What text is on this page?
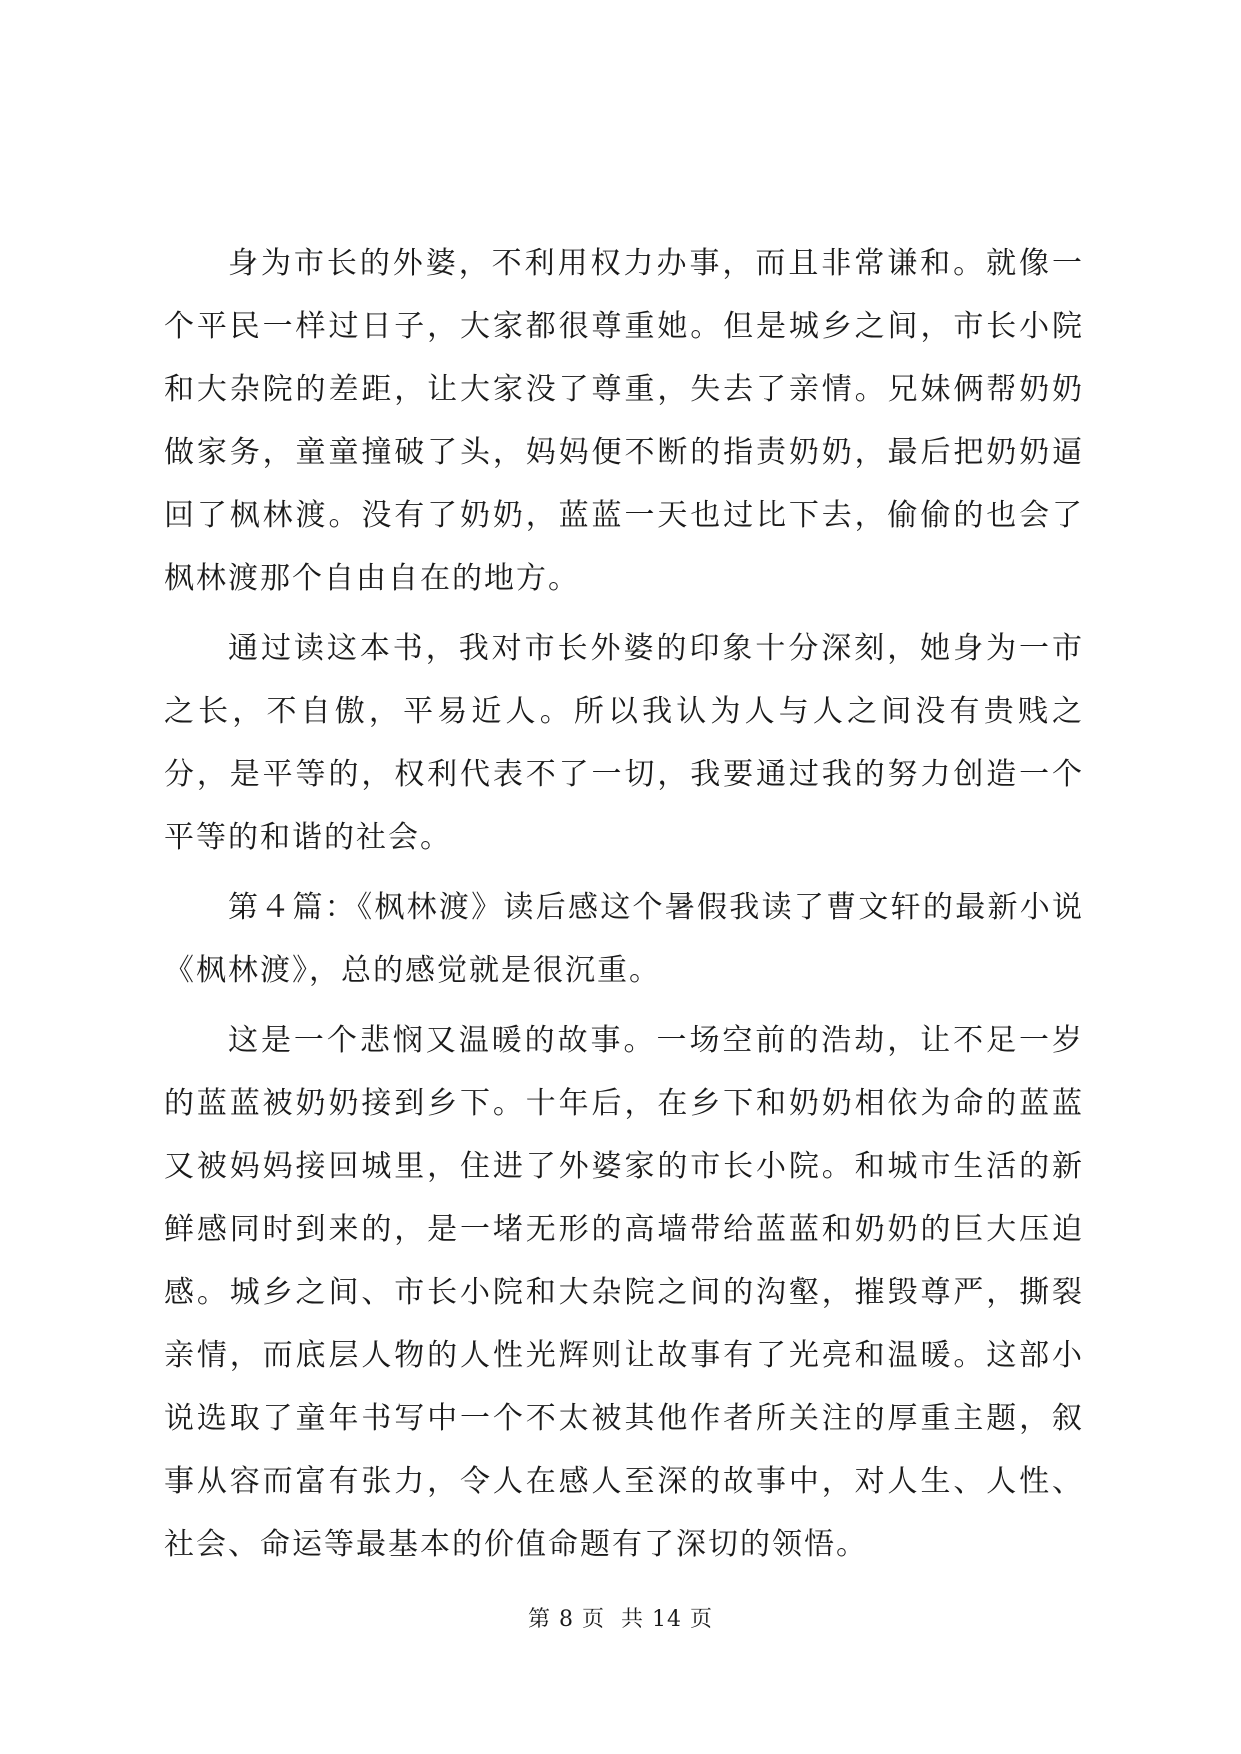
身为市长的外婆，不利用权力办事，而且非常谦和。就像一个平民一样过日子，大家都很尊重她。但是城乡之间，市长小院和大杂院的差距，让大家没了尊重，失去了亲情。兄妹俩帮奶奶做家务，童童撞破了头，妈妈便不断的指责奶奶，最后把奶奶逼回了枫林渡。没有了奶奶，蓝蓝一天也过比下去，偷偷的也会了枫林渡那个自由自在的地方。

通过读这本书，我对市长外婆的印象十分深刻，她身为一市之长，不自傲，平易近人。所以我认为人与人之间没有贵贱之分，是平等的，权利代表不了一切，我要通过我的努力创造一个平等的和谐的社会。

第４篇：《枫林渡》读后感这个暑假我读了曹文轩的最新小说《枫林渡》，总的感觉就是很沉重。

这是一个悲悯又温暖的故事。一场空前的浩劫，让不足一岁的蓝蓝被奶奶接到乡下。十年后，在乡下和奶奶相依为命的蓝蓝又被妈妈接回城里，住进了外婆家的市长小院。和城市生活的新鲜感同时到来的，是一堵无形的高墙带给蓝蓝和奶奶的巨大压迫感。城乡之间、市长小院和大杂院之间的沟壑，摧毁尊严，撕裂亲情，而底层人物的人性光辉则让故事有了光亮和温暖。这部小说选取了童年书写中一个不太被其他作者所关注的厚重主题，叙事从容而富有张力，令人在感人至深的故事中，对人生、人性、社会、命运等最基本的价值命题有了深切的领悟。

第 8 页 共 14 页
